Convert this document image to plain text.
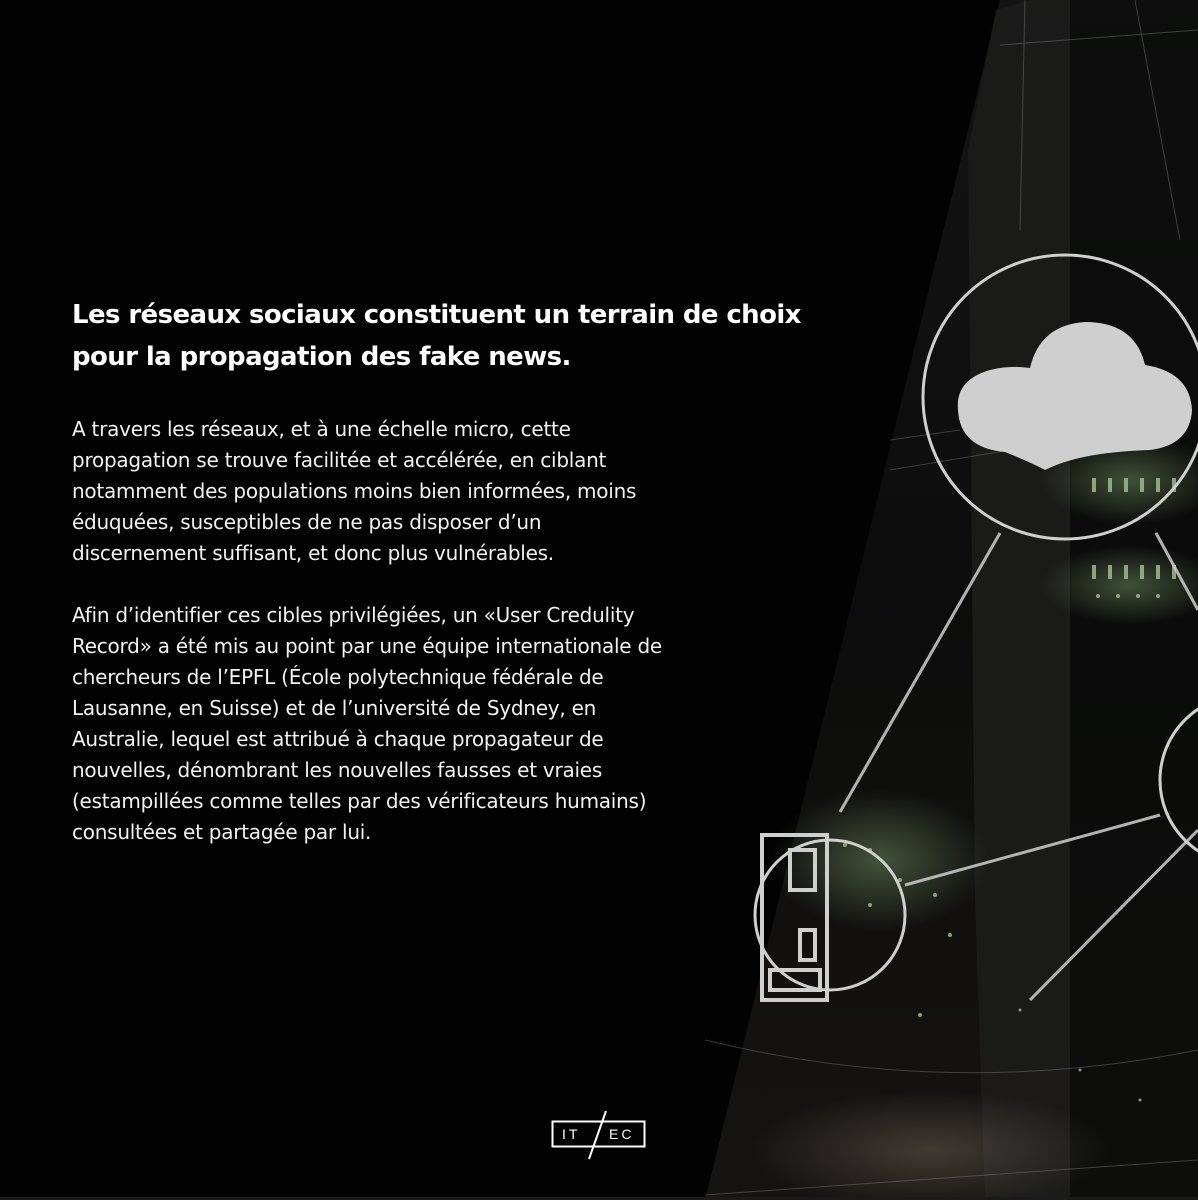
Les réseaux sociaux constituent un terrain de choix
pour la propagation des fake news.

A travers les réseaux, et à une échelle micro, cette
propagation se trouve facilitée et accélérée, en ciblant
notamment des populations moins bien informées, moins
éduquées, susceptibles de ne pas disposer d’un
discernement suffisant, et donc plus vulnérables.

Afin d’identifier ces cibles privilégiées, un «User Credulity
Record» a été mis au point par une équipe internationale de
chercheurs de l’EPFL (École polytechnique fédérale de
Lausanne, en Suisse) et de l’université de Sydney, en
Australie, lequel est attribué à chaque propagateur de
nouvelles, dénombrant les nouvelles fausses et vraies
(estampillées comme telles par des vérificateurs humains)
consultées et partagée par lui.

IT EC
